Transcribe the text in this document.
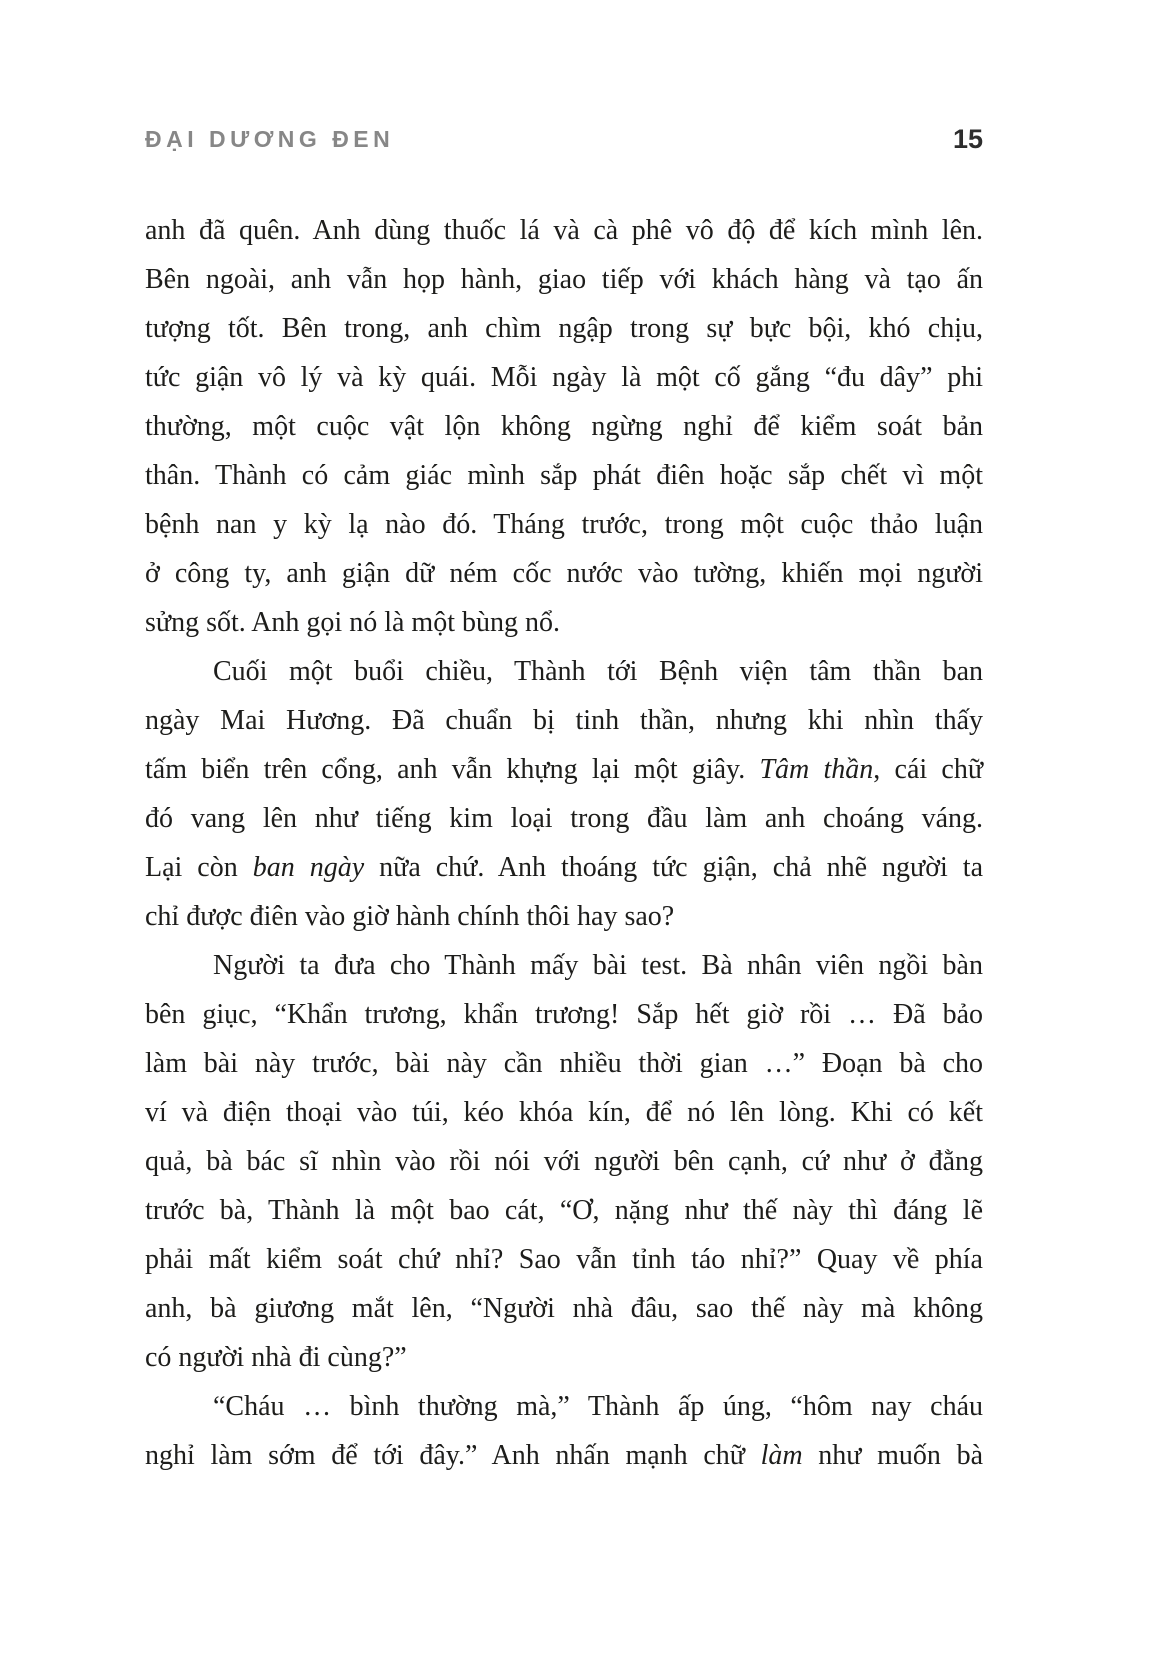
ĐẠI DƯƠNG ĐEN	15
anh đã quên. Anh dùng thuốc lá và cà phê vô độ để kích mình lên.
Bên ngoài, anh vẫn họp hành, giao tiếp với khách hàng và tạo ấn
tượng tốt. Bên trong, anh chìm ngập trong sự bực bội, khó chịu,
tức giận vô lý và kỳ quái. Mỗi ngày là một cố gắng “đu dây” phi
thường, một cuộc vật lộn không ngừng nghỉ để kiểm soát bản
thân. Thành có cảm giác mình sắp phát điên hoặc sắp chết vì một
bệnh nan y kỳ lạ nào đó. Tháng trước, trong một cuộc thảo luận
ở công ty, anh giận dữ ném cốc nước vào tường, khiến mọi người
sửng sốt. Anh gọi nó là một bùng nổ.
Cuối một buổi chiều, Thành tới Bệnh viện tâm thần ban
ngày Mai Hương. Đã chuẩn bị tinh thần, nhưng khi nhìn thấy
tấm biển trên cổng, anh vẫn khựng lại một giây. Tâm thần, cái chữ
đó vang lên như tiếng kim loại trong đầu làm anh choáng váng.
Lại còn ban ngày nữa chứ. Anh thoáng tức giận, chả nhẽ người ta
chỉ được điên vào giờ hành chính thôi hay sao?
Người ta đưa cho Thành mấy bài test. Bà nhân viên ngồi bàn
bên giục, “Khẩn trương, khẩn trương! Sắp hết giờ rồi … Đã bảo
làm bài này trước, bài này cần nhiều thời gian …” Đoạn bà cho
ví và điện thoại vào túi, kéo khóa kín, để nó lên lòng. Khi có kết
quả, bà bác sĩ nhìn vào rồi nói với người bên cạnh, cứ như ở đằng
trước bà, Thành là một bao cát, “Ơ, nặng như thế này thì đáng lẽ
phải mất kiểm soát chứ nhỉ? Sao vẫn tỉnh táo nhỉ?” Quay về phía
anh, bà giương mắt lên, “Người nhà đâu, sao thế này mà không
có người nhà đi cùng?”
“Cháu … bình thường mà,” Thành ấp úng, “hôm nay cháu
nghỉ làm sớm để tới đây.” Anh nhấn mạnh chữ làm như muốn bà
